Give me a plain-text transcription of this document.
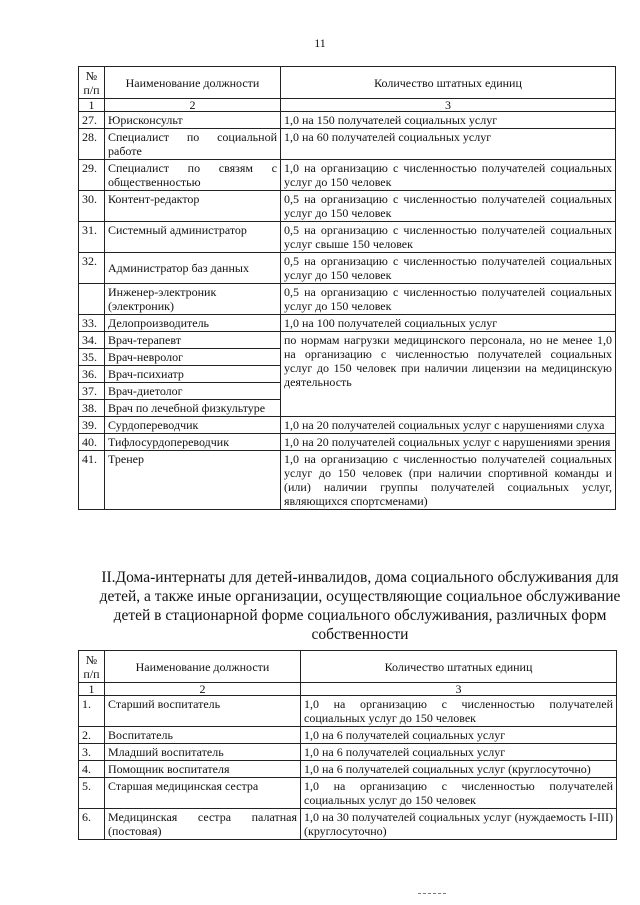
11
№ п/п	Наименование должности	Количество штатных единиц
1	2	3
27.	Юрисконсульт	1,0 на 150 получателей социальных услуг
28.	Специалист по социальной работе	1,0 на 60 получателей социальных услуг
29.	Специалист по связям с общественностью	1,0 на организацию с численностью получателей социальных услуг до 150 человек
30.	Контент-редактор	0,5 на организацию с численностью получателей социальных услуг до 150 человек
31.	Системный администратор	0,5 на организацию с численностью получателей социальных услуг свыше 150 человек
32.	Администратор баз данных	0,5 на организацию с численностью получателей социальных услуг до 150 человек
	Инженер-электроник (электроник)	0,5 на организацию с численностью получателей социальных услуг до 150 человек
33.	Делопроизводитель	1,0 на 100 получателей социальных услуг
34.	Врач-терапевт	по нормам нагрузки медицинского персонала, но не менее 1,0 на организацию с численностью получателей социальных услуг до 150 человек при наличии лицензии на медицинскую деятельность
35.	Врач-невролог	
36.	Врач-психиатр	
37.	Врач-диетолог	
38.	Врач по лечебной физкультуре	
39.	Сурдопереводчик	1,0 на 20 получателей социальных услуг с нарушениями слуха
40.	Тифлосурдопереводчик	1,0 на 20 получателей социальных услуг с нарушениями зрения
41.	Тренер	1,0 на организацию с численностью получателей социальных услуг до 150 человек (при наличии спортивной команды и (или) наличии группы получателей социальных услуг, являющихся спортсменами)
II.Дома-интернаты для детей-инвалидов, дома социального обслуживания для детей, а также иные организации, осуществляющие социальное обслуживание детей в стационарной форме социального обслуживания, различных форм собственности
№ п/п	Наименование должности	Количество штатных единиц
1	2	3
1.	Старший воспитатель	1,0 на организацию с численностью получателей социальных услуг до 150 человек
2.	Воспитатель	1,0 на 6 получателей социальных услуг
3.	Младший воспитатель	1,0 на 6 получателей социальных услуг
4.	Помощник воспитателя	1,0 на 6 получателей социальных услуг (круглосуточно)
5.	Старшая медицинская сестра	1,0 на организацию с численностью получателей социальных услуг до 150 человек
6.	Медицинская сестра палатная (постовая)	1,0 на 30 получателей социальных услуг (нуждаемость I-III) (круглосуточно)
